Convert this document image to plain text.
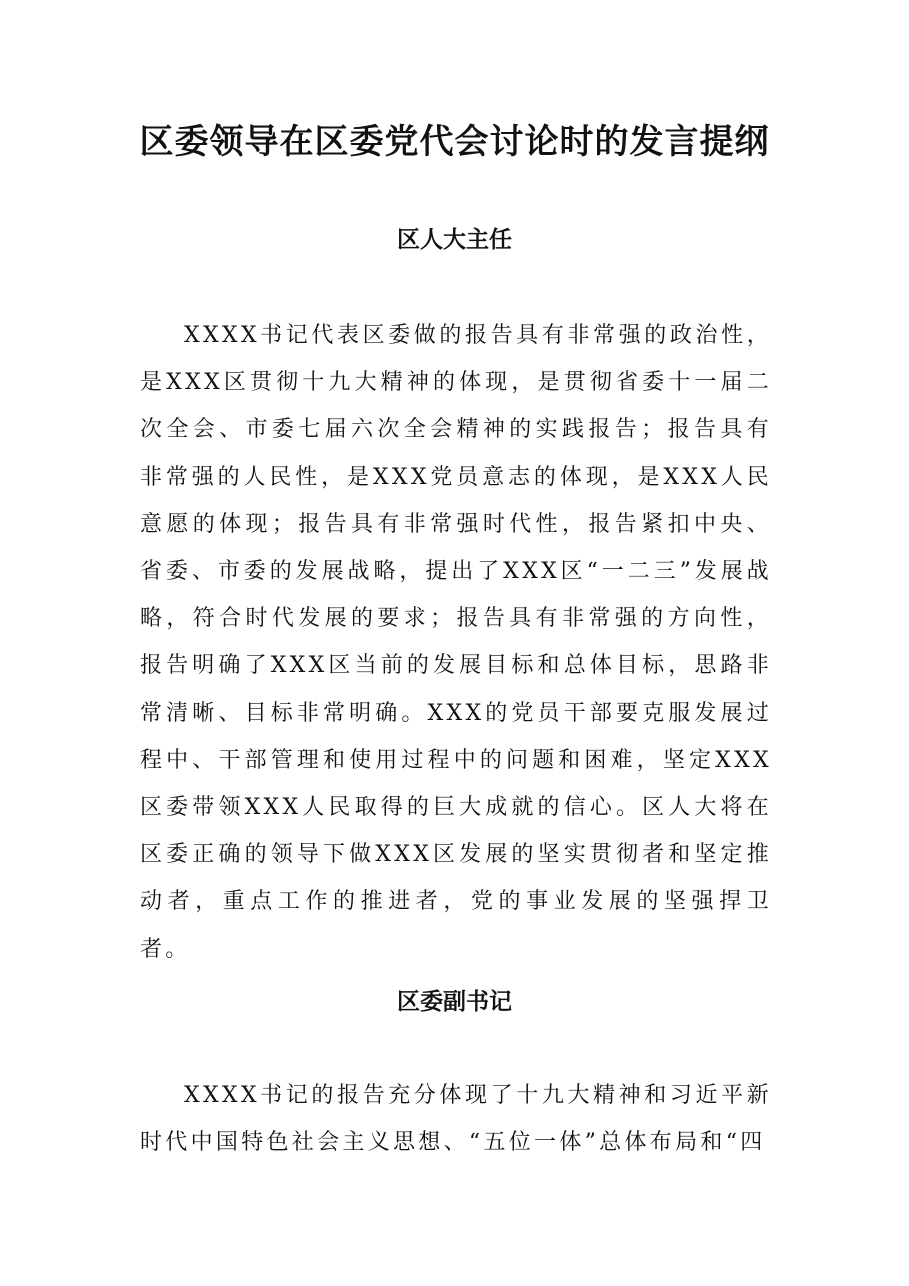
区委领导在区委党代会讨论时的发言提纲
区人大主任

XXXX书记代表区委做的报告具有非常强的政治性，是XXX区贯彻十九大精神的体现，是贯彻省委十一届二次全会、市委七届六次全会精神的实践报告；报告具有非常强的人民性，是XXX党员意志的体现，是XXX人民意愿的体现；报告具有非常强时代性，报告紧扣中央、省委、市委的发展战略，提出了XXX区“一二三”发展战略，符合时代发展的要求；报告具有非常强的方向性，报告明确了XXX区当前的发展目标和总体目标，思路非常清晰、目标非常明确。XXX的党员干部要克服发展过程中、干部管理和使用过程中的问题和困难，坚定XXX区委带领XXX人民取得的巨大成就的信心。区人大将在区委正确的领导下做XXX区发展的坚实贯彻者和坚定推动者，重点工作的推进者，党的事业发展的坚强捍卫者。

区委副书记

XXXX书记的报告充分体现了十九大精神和习近平新时代中国特色社会主义思想、“五位一体”总体布局和“四
